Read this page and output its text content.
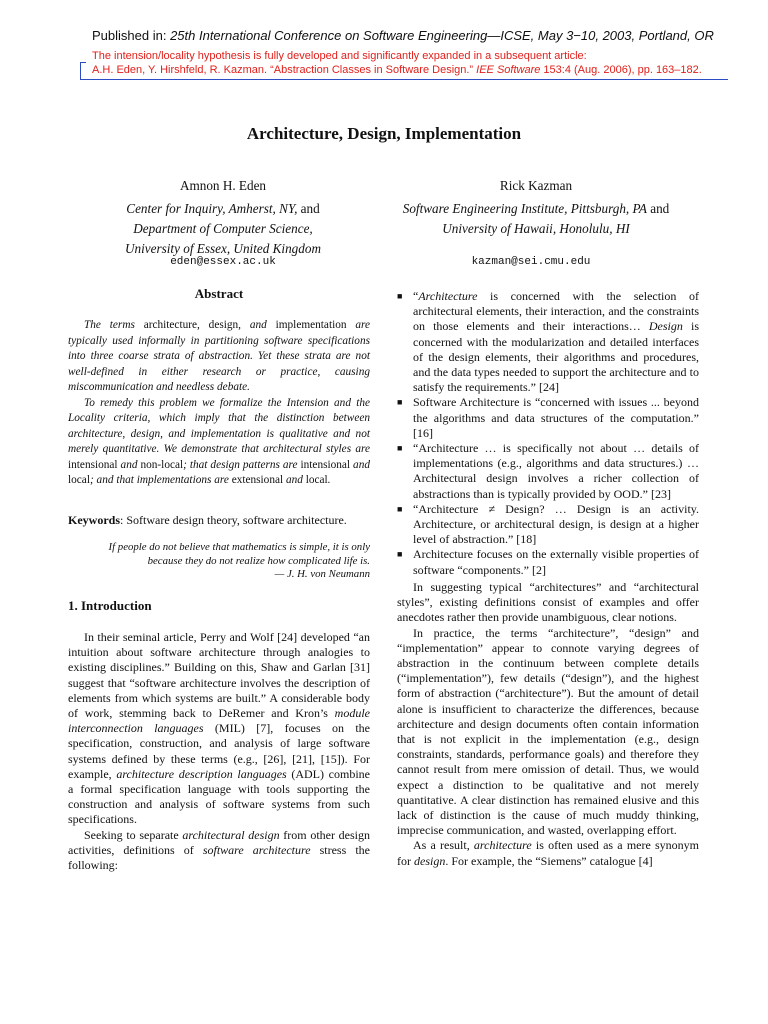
Published in: 25th International Conference on Software Engineering—ICSE, May 3−10, 2003, Portland, OR
The intension/locality hypothesis is fully developed and significantly expanded in a subsequent article:
A.H. Eden, Y. Hirshfeld, R. Kazman. “Abstraction Classes in Software Design.” IEE Software 153:4 (Aug. 2006), pp. 163–182.
Architecture, Design, Implementation
Amnon H. Eden
Center for Inquiry, Amherst, NY, and
Department of Computer Science,
University of Essex, United Kingdom
Rick Kazman
Software Engineering Institute, Pittsburgh, PA and
University of Hawaii, Honolulu, HI
eden@essex.ac.uk	kazman@sei.cmu.edu
Abstract

The terms architecture, design, and implementation are typically used informally in partitioning software specifications into three coarse strata of abstraction. Yet these strata are not well-defined in either research or practice, causing miscommunication and needless debate.

To remedy this problem we formalize the Intension and the Locality criteria, which imply that the distinction between architecture, design, and implementation is qualitative and not merely quantitative. We demonstrate that architectural styles are intensional and non-local; that design patterns are intensional and local; and that implementations are extensional and local.

Keywords: Software design theory, software architecture.
If people do not believe that mathematics is simple, it is only
because they do not realize how complicated life is.
— J. H. von Neumann
1. Introduction

In their seminal article, Perry and Wolf [24] developed “an intuition about software architecture through analogies to existing disciplines.” Building on this, Shaw and Garlan [31] suggest that “software architecture involves the description of elements from which systems are built.” A considerable body of work, stemming back to DeRemer and Kron’s module interconnection languages (MIL) [7], focuses on the specification, construction, and analysis of large software systems defined by these terms (e.g., [26], [21], [15]). For example, architecture description languages (ADL) combine a formal specification language with tools supporting the construction and analysis of software systems from such specifications.

Seeking to separate architectural design from other design activities, definitions of software architecture stress the following:

■ “Architecture is concerned with the selection of architectural elements, their interaction, and the constraints on those elements and their interactions… Design is concerned with the modularization and detailed interfaces of the design elements, their algorithms and procedures, and the data types needed to support the architecture and to satisfy the requirements.” [24]
■ Software Architecture is “concerned with issues ... beyond the algorithms and data structures of the computation.” [16]
■ “Architecture … is specifically not about … details of implementations (e.g., algorithms and data structures.) … Architectural design involves a richer collection of abstractions than is typically provided by OOD.” [23]
■ “Architecture ≠ Design? … Design is an activity. Architecture, or architectural design, is design at a higher level of abstraction.” [18]
■ Architecture focuses on the externally visible properties of software “components.” [2]

In suggesting typical “architectures” and “architectural styles”, existing definitions consist of examples and offer anecdotes rather then provide unambiguous, clear notions.

In practice, the terms “architecture”, “design” and “implementation” appear to connote varying degrees of abstraction in the continuum between complete details (“implementation”), few details (“design”), and the highest form of abstraction (“architecture”). But the amount of detail alone is insufficient to characterize the differences, because architecture and design documents often contain information that is not explicit in the implementation (e.g., design constraints, standards, performance goals) and therefore they cannot result from mere omission of detail. Thus, we would expect a distinction to be qualitative and not merely quantitative. A clear distinction has remained elusive and this lack of distinction is the cause of much muddy thinking, imprecise communication, and wasted, overlapping effort.

As a result, architecture is often used as a mere synonym for design. For example, the “Siemens” catalogue [4]
